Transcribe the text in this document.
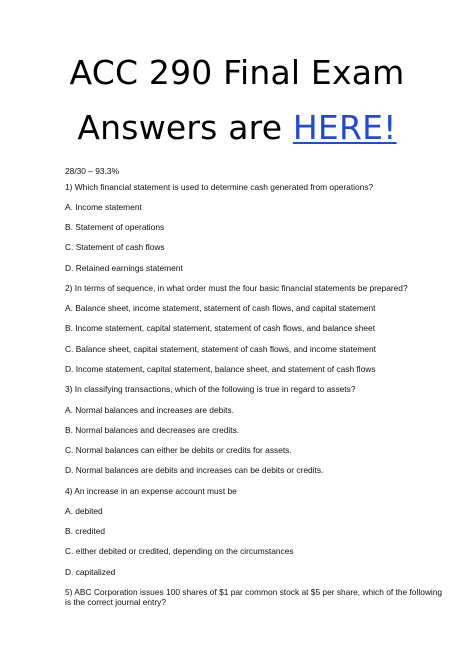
ACC 290 Final Exam
Answers are HERE!
28/30 – 93.3%
1) Which financial statement is used to determine cash generated from operations?
A. Income statement
B. Statement of operations
C. Statement of cash flows
D. Retained earnings statement
2) In terms of sequence, in what order must the four basic financial statements be prepared?
A. Balance sheet, income statement, statement of cash flows, and capital statement
B. Income statement, capital statement, statement of cash flows, and balance sheet
C. Balance sheet, capital statement, statement of cash flows, and income statement
D. Income statement, capital statement, balance sheet, and statement of cash flows
3) In classifying transactions, which of the following is true in regard to assets?
A. Normal balances and increases are debits.
B. Normal balances and decreases are credits.
C. Normal balances can either be debits or credits for assets.
D. Normal balances are debits and increases can be debits or credits.
4) An increase in an expense account must be
A. debited
B. credited
C. either debited or credited, depending on the circumstances
D. capitalized
5) ABC Corporation issues 100 shares of $1 par common stock at $5 per share, which of the following is the correct journal entry?
